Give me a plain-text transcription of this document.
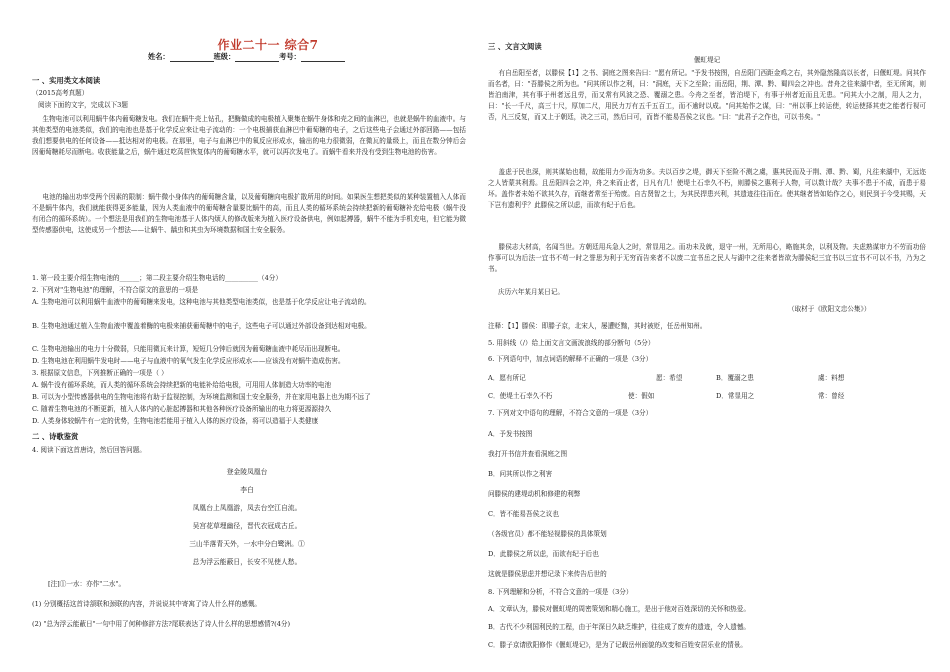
作业二十一 综合7
姓名：	班级：	考号：
一 、实用类文本阅读
（2015高考真题）
阅读下面的文字，完成以下3题
生物电池可以利用蜗牛体内葡萄糖发电。我们在蜗牛壳上钻孔，把酶做成的电极植入聚集在蜗牛身体和壳之间的血淋巴，也就是蜗牛的血液中。与其他类型的电池类似，我们的电池也是基于化学反应来让电子流动的：一个电极捕获血淋巴中葡萄糖的电子，之后这些电子会通过外部回路——包括我们想要供电的任何设备——抵达相对的电极。在那里，电子与血淋巴中的氧反应形成水，输出的电力很微弱，在微瓦的量级上，而且在数分钟后会因葡萄糖耗尽而断电。收获能量之后，蜗牛通过吃莴苣恢复体内的葡萄糖水平，就可以再次发电了。而蜗牛看来并没有受到生物电池的伤害。
电池的输出功率受两个因素的限制：蜗牛微小身体内的葡萄糖含量，以及葡萄糖向电极扩散所用的时间。如果医生想把类似的某种装置植入人体而不是蜗牛体内，我们就能获得更多能量，因为人类血液中的葡萄糖含量要比蜗牛的高，而且人类的循环系统会持续把新的葡萄糖补充给电极（蜗牛没有闭合的循环系统）。一个想法是用我们的生物电池基于人体内烦人的修改版来为植入医疗设备供电，例如起搏器，蜗牛不能为手机充电，但它能为微型传感器供电，这使成另一个想法——让蜗牛、龋虫和其虫为环境数据和国土安全服务。
1. 第一段主要介绍生物电池的______；第二段主要介绍生物电话的__________（4分）
2. 下列对"生物电池"的理解，不符合原文的意思的一项是
A. 生物电池可以利用蜗牛血液中的葡萄糖来发电，这种电池与其他类型电池类似，也是基于化学反应让电子流动的。
B. 生物电池通过植入生物血液中覆盖着酶的电极来捕获葡萄糖中的电子，这些电子可以通过外部设备到达相对电极。
C. 生物电池输出的电力十分微弱，只能用微瓦来计算，短短几分钟后就因为葡萄糖血液中耗尽而出现断电。
D. 生物电池在利用蜗牛发电时——电子与血液中的氧气发生化学反应形成水——应该没有对蜗牛造成伤害。
3. 根据原文信息，下列推断正确的一项是（ ）
A. 蜗牛没有循环系统，而人类的循环系统会持续把新的电能补给给电极，可用用人体制造大功率的电池
B. 可以为小型传感器供电的生物电池将有助于监视控制，为环境监测和国土安全服务，并在家用电器上也为期不远了
C. 随着生物电池的不断更新，植入人体内的心脏起搏器和其他各种医疗设备所输出的电力将更源源持久
D. 人类身体较蜗牛有一定的优势，生物电池若能用于植入人体的医疗设备，将可以造福于人类健康
二 、诗歌鉴赏
4. 阅读下面这首唐诗，然后回答问题。
登金陵凤凰台
李白
凤凰台上凤凰游，凤去台空江自流。
吴宫花草埋幽径，晋代衣冠成古丘。
三山半落青天外，一水中分白鹭洲。①
总为浮云能蔽日，长安不见使人愁。
[注]①一水：亦作"二水"。
(1) 分别概括这首诗颔联和颈联的内容，并说说其中寄寓了诗人什么样的感慨。
(2) "总为浮云能蔽日"一句中用了何种修辞方法?尾联表达了诗人什么样的思想感情?(4分)
三 、文言文阅读
偃虹堤记
有自岳阳至者，以滕侯【1】之书、洞庭之图来告曰："愿有所记。"予发书按图，自岳阳门西距金鸡之右，其外隐然隆高以长者，曰偃虹堤。问其作而名者，曰："吾滕侯之所为也。"问其所以作之利，曰："洞庭，天下之至险；而岳阳，荆、潭、黔、蜀四会之冲也。昔舟之往来湖中者，至无所寓，则皆泊南津，其有事于州者远且劳，而又常有风波之恐、覆溺之患。今舟之至者，皆泊堤下，有事于州者近而且无患。"问其大小之制，用人之力，曰："长一千尺，高三十尺，厚加二尺，用民力万有五千五百工，而不逾时以成。"问其始作之谋，曰："州以事上转运使，转运使择其吏之能者行视可否，凡三反复，而又上于朝廷，决之三司，然后曰可，而皆不能易吾侯之议也。"曰："此君子之作也，可以书矣。"
盖虑于民也深，则其谋始也精，故能用力少而为功多。夫以百步之堤，御天下至险不测之虞，惠其民而及于荆、潭、黔、蜀，凡往来湖中，无远迩之人皆蒙其利焉。且岳阳四会之冲，舟之来而止者，日凡有几！使堤土石幸久不朽，则滕侯之惠利于人物，可以数计哉？夫事不患于不成，而患于易坏。盖作者未始不欲其久存，而继者常至于殆废。自古贤智之士，为其民捍患兴利，其遗迹往往而在。使其继者皆如始作之心，则民到于今受其赐，天下岂有遗利乎？此滕侯之所以虑，而欲有纪于后也。
滕侯志大材高，名闻当世。方朝廷用兵急人之时，常显用之。而功未及就，退守一州，无所用心，略施其余，以利及物。夫虑熟谋审力不劳而功倍作事可以为后法一宜书不苟一时之誉思为利于无穷而告来者不以废二宜书岳之民人与湖中之往来者皆欲为滕侯纪三宜书以三宜书不可以不书，乃为之书。
庆历六年某月某日记。
（取材于《欧阳文忠公集》）
注释：【1】滕侯：即滕子京，北宋人，屡遭贬黜，其时被贬，任岳州知州。
5. 用斜线（/）给上面文言文画波浪线的部分断句（5分）
6. 下列语句中，加点词语的解释不正确的一项是（3分）
A．愿有所记	愿：希望	B．覆溺之患	虞：料想
C．使堤土石幸久不朽	使：假如	D．常显用之	常：曾经
7. 下列对文中语句的理解，不符合文意的一项是（3分）
A．予发书按图
我打开书信并查看洞庭之图
B．问其所以作之利害
问滕侯的建堤动机和修建的利弊
C．皆不能易吾侯之议也
（各级官员）都不能轻视滕侯的具体策划
D．此滕侯之所以虑，而欲有纪于后也
这就是滕侯思虑并想记录下来传告后世的
8. 下列理解和分析，不符合文意的一项是（3分）
A．文章认为，滕侯对偃虹堤的周密策划和精心施工，是出于他对百姓深切的关怀和热爱。
B．古代不少利国利民的工程，由于年深日久缺乏维护，往往成了废弃的遗迹，令人遗憾。
C．滕子京请欧阳修作《偃虹堤记》，是为了记载岳州面貌的改变和百姓安居乐业的情景。
